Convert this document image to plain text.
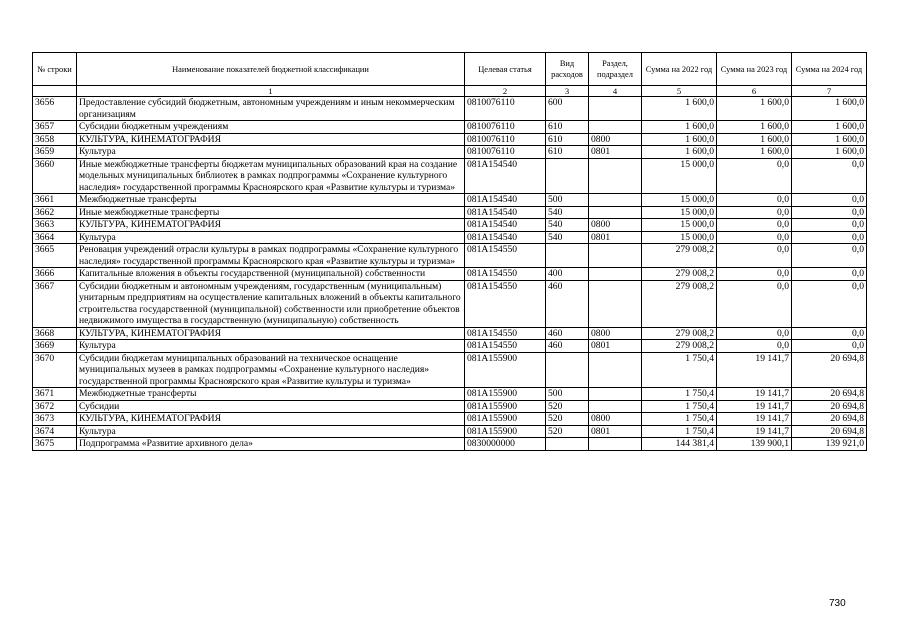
№ строки	Наименование показателей бюджетной классификации	Целевая статья	Вид расходов	Раздел, подраздел	Сумма на 2022 год	Сумма на 2023 год	Сумма на 2024 год
	1	2	3	4	5	6	7
3656	Предоставление субсидий бюджетным, автономным учреждениям и иным некоммерческим организациям	0810076110	600		1 600,0	1 600,0	1 600,0
3657	Субсидии бюджетным учреждениям	0810076110	610		1 600,0	1 600,0	1 600,0
3658	КУЛЬТУРА, КИНЕМАТОГРАФИЯ	0810076110	610	0800	1 600,0	1 600,0	1 600,0
3659	Культура	0810076110	610	0801	1 600,0	1 600,0	1 600,0
3660	Иные межбюджетные трансферты бюджетам муниципальных образований края на создание модельных муниципальных библиотек в рамках подпрограммы «Сохранение культурного наследия» государственной программы Красноярского края «Развитие культуры и туризма»	081A154540			15 000,0	0,0	0,0
3661	Межбюджетные трансферты	081A154540	500		15 000,0	0,0	0,0
3662	Иные межбюджетные трансферты	081A154540	540		15 000,0	0,0	0,0
3663	КУЛЬТУРА, КИНЕМАТОГРАФИЯ	081A154540	540	0800	15 000,0	0,0	0,0
3664	Культура	081A154540	540	0801	15 000,0	0,0	0,0
3665	Реновация учреждений отрасли культуры в рамках подпрограммы «Сохранение культурного наследия» государственной программы Красноярского края «Развитие культуры и туризма»	081A154550			279 008,2	0,0	0,0
3666	Капитальные вложения в объекты государственной (муниципальной) собственности	081A154550	400		279 008,2	0,0	0,0
3667	Субсидии бюджетным и автономным учреждениям, государственным (муниципальным) унитарным предприятиям на осуществление капитальных вложений в объекты капитального строительства государственной (муниципальной) собственности или приобретение объектов недвижимого имущества в государственную (муниципальную) собственность	081A154550	460		279 008,2	0,0	0,0
3668	КУЛЬТУРА, КИНЕМАТОГРАФИЯ	081A154550	460	0800	279 008,2	0,0	0,0
3669	Культура	081A154550	460	0801	279 008,2	0,0	0,0
3670	Субсидии бюджетам муниципальных образований на техническое оснащение муниципальных музеев в рамках подпрограммы «Сохранение культурного наследия» государственной программы Красноярского края «Развитие культуры и туризма»	081A155900			1 750,4	19 141,7	20 694,8
3671	Межбюджетные трансферты	081A155900	500		1 750,4	19 141,7	20 694,8
3672	Субсидии	081A155900	520		1 750,4	19 141,7	20 694,8
3673	КУЛЬТУРА, КИНЕМАТОГРАФИЯ	081A155900	520	0800	1 750,4	19 141,7	20 694,8
3674	Культура	081A155900	520	0801	1 750,4	19 141,7	20 694,8
3675	Подпрограмма «Развитие архивного дела»	0830000000			144 381,4	139 900,1	139 921,0
730
